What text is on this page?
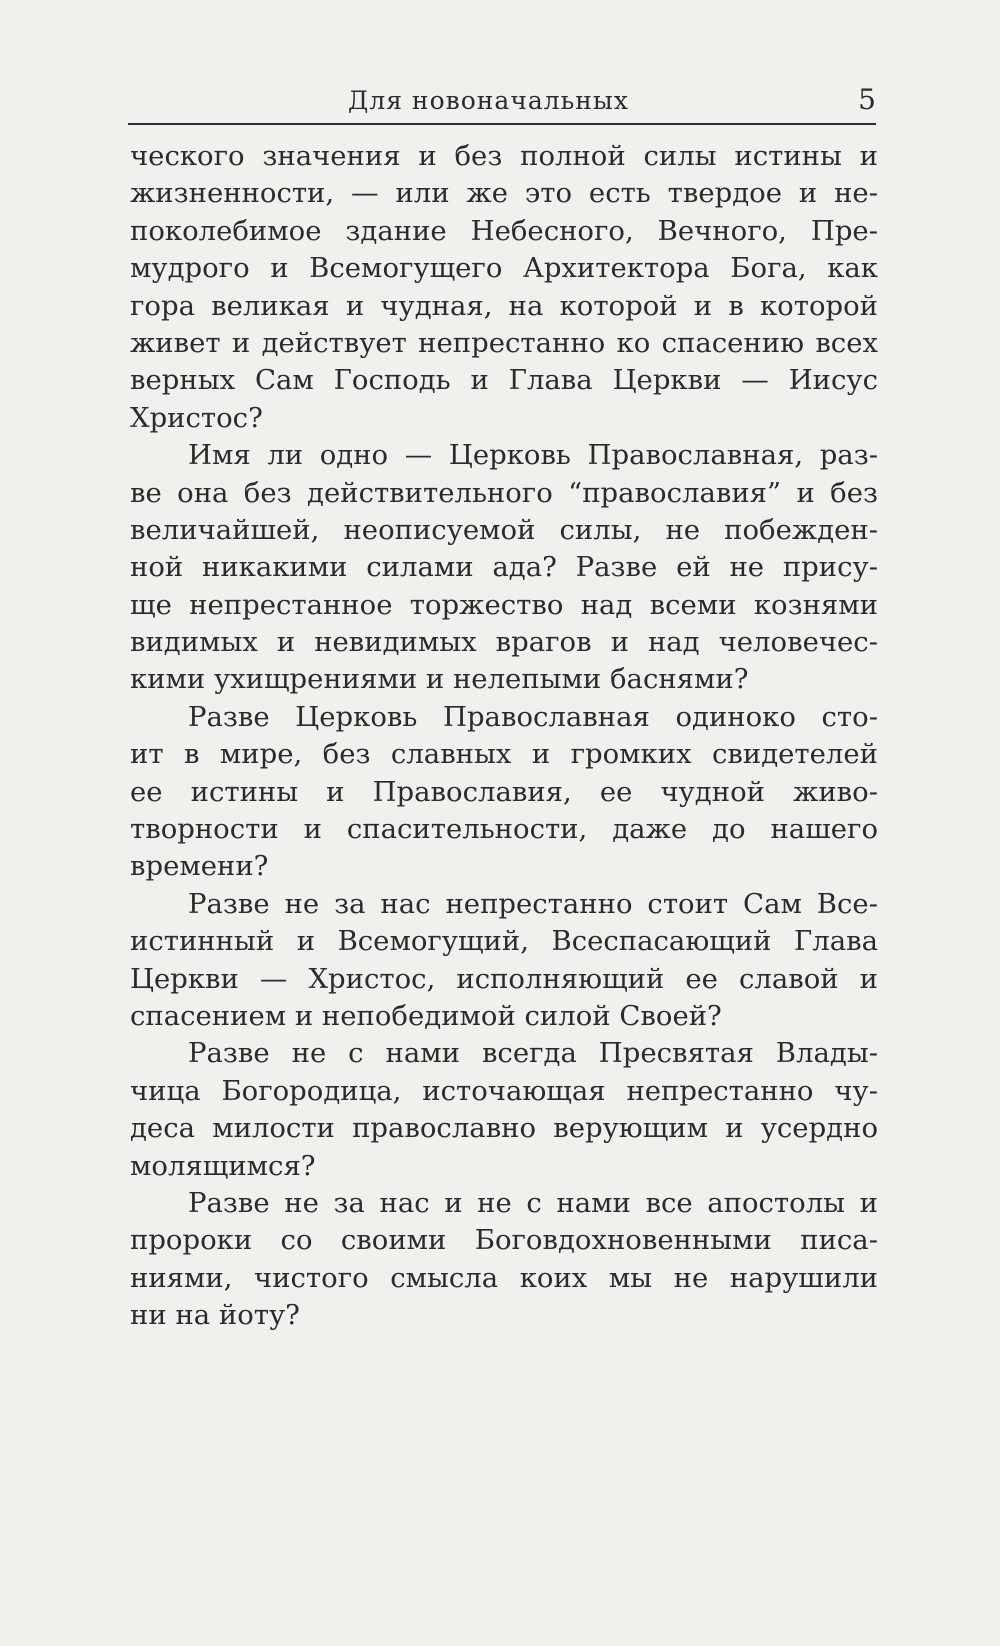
Для новоначальных	5
ческого значения и без полной силы истины и
жизненности, — или же это есть твердое и не-
поколебимое здание Небесного, Вечного, Пре-
мудрого и Всемогущего Архитектора Бога, как
гора великая и чудная, на которой и в которой
живет и действует непрестанно ко спасению всех
верных Сам Господь и Глава Церкви — Иисус
Христос?
Имя ли одно — Церковь Православная, раз-
ве она без действительного “православия” и без
величайшей, неописуемой силы, не побежден-
ной никакими силами ада? Разве ей не прису-
ще непрестанное торжество над всеми кознями
видимых и невидимых врагов и над человечес-
кими ухищрениями и нелепыми баснями?
Разве Церковь Православная одиноко сто-
ит в мире, без славных и громких свидетелей
ее истины и Православия, ее чудной живо-
творности и спасительности, даже до нашего
времени?
Разве не за нас непрестанно стоит Сам Все-
истинный и Всемогущий, Всеспасающий Глава
Церкви — Христос, исполняющий ее славой и
спасением и непобедимой силой Своей?
Разве не с нами всегда Пресвятая Влады-
чица Богородица, источающая непрестанно чу-
деса милости православно верующим и усердно
молящимся?
Разве не за нас и не с нами все апостолы и
пророки со своими Боговдохновенными писа-
ниями, чистого смысла коих мы не нарушили
ни на йоту?
